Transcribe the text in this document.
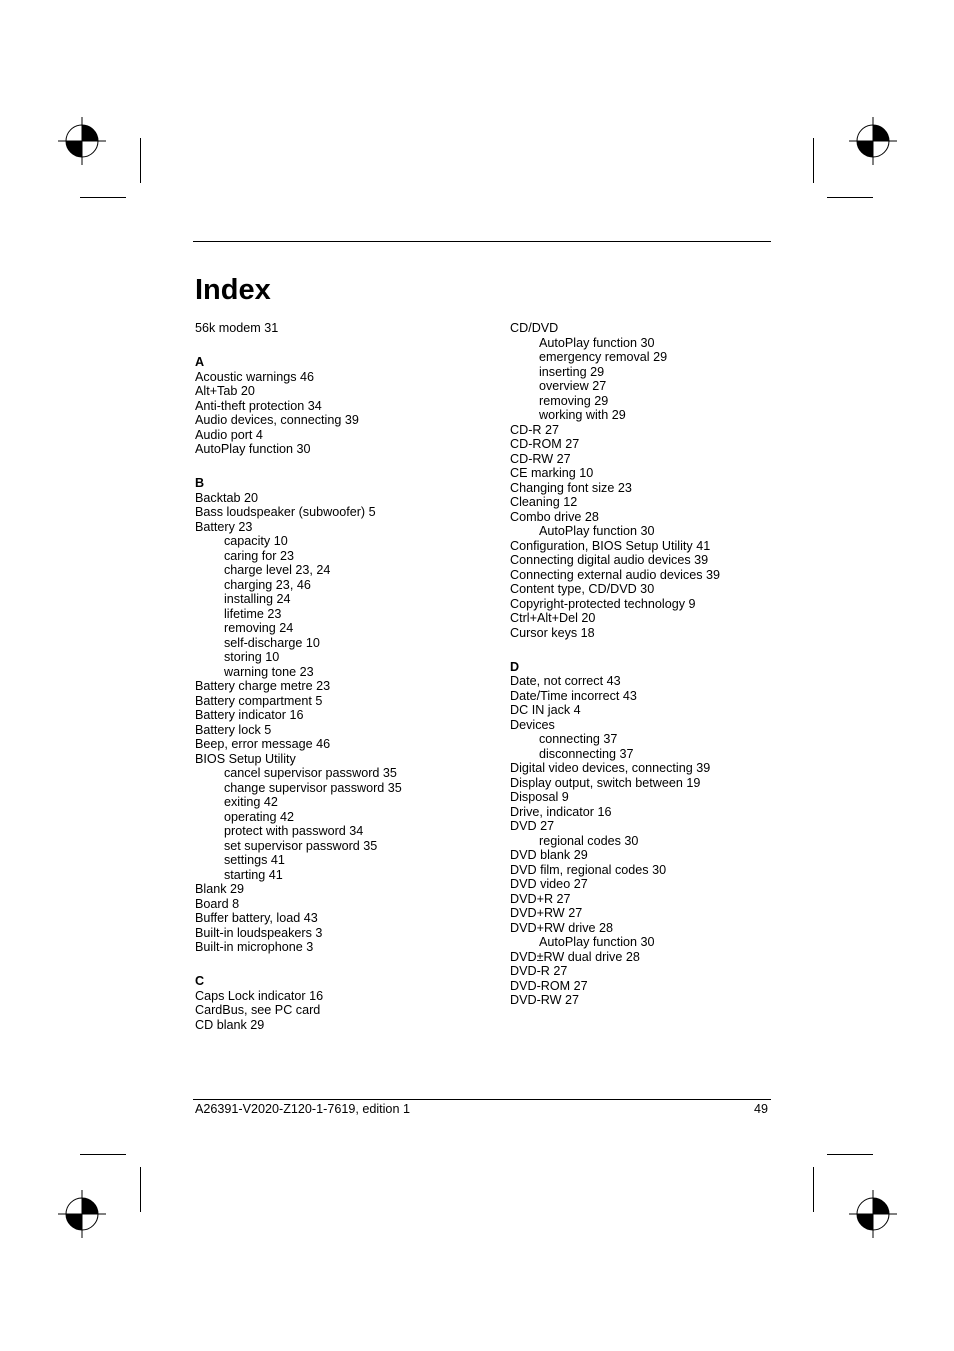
Index
56k modem 31
A
Acoustic warnings 46
Alt+Tab 20
Anti-theft protection 34
Audio devices, connecting 39
Audio port 4
AutoPlay function 30
B
Backtab 20
Bass loudspeaker (subwoofer) 5
Battery 23
capacity 10
caring for 23
charge level 23, 24
charging 23, 46
installing 24
lifetime 23
removing 24
self-discharge 10
storing 10
warning tone 23
Battery charge metre 23
Battery compartment 5
Battery indicator 16
Battery lock 5
Beep, error message 46
BIOS Setup Utility
cancel supervisor password 35
change supervisor password 35
exiting 42
operating 42
protect with password 34
set supervisor password 35
settings 41
starting 41
Blank 29
Board 8
Buffer battery, load 43
Built-in loudspeakers 3
Built-in microphone 3
C
Caps Lock indicator 16
CardBus, see PC card
CD blank 29
CD/DVD
AutoPlay function 30
emergency removal 29
inserting 29
overview 27
removing 29
working with 29
CD-R 27
CD-ROM 27
CD-RW 27
CE marking 10
Changing font size 23
Cleaning 12
Combo drive 28
AutoPlay function 30
Configuration, BIOS Setup Utility 41
Connecting digital audio devices 39
Connecting external audio devices 39
Content type, CD/DVD 30
Copyright-protected technology 9
Ctrl+Alt+Del 20
Cursor keys 18
D
Date, not correct 43
Date/Time incorrect 43
DC IN jack 4
Devices
connecting 37
disconnecting 37
Digital video devices, connecting 39
Display output, switch between 19
Disposal 9
Drive, indicator 16
DVD 27
regional codes 30
DVD blank 29
DVD film, regional codes 30
DVD video 27
DVD+R 27
DVD+RW 27
DVD+RW drive 28
AutoPlay function 30
DVD±RW dual drive 28
DVD-R 27
DVD-ROM 27
DVD-RW 27
A26391-V2020-Z120-1-7619, edition 1	49
